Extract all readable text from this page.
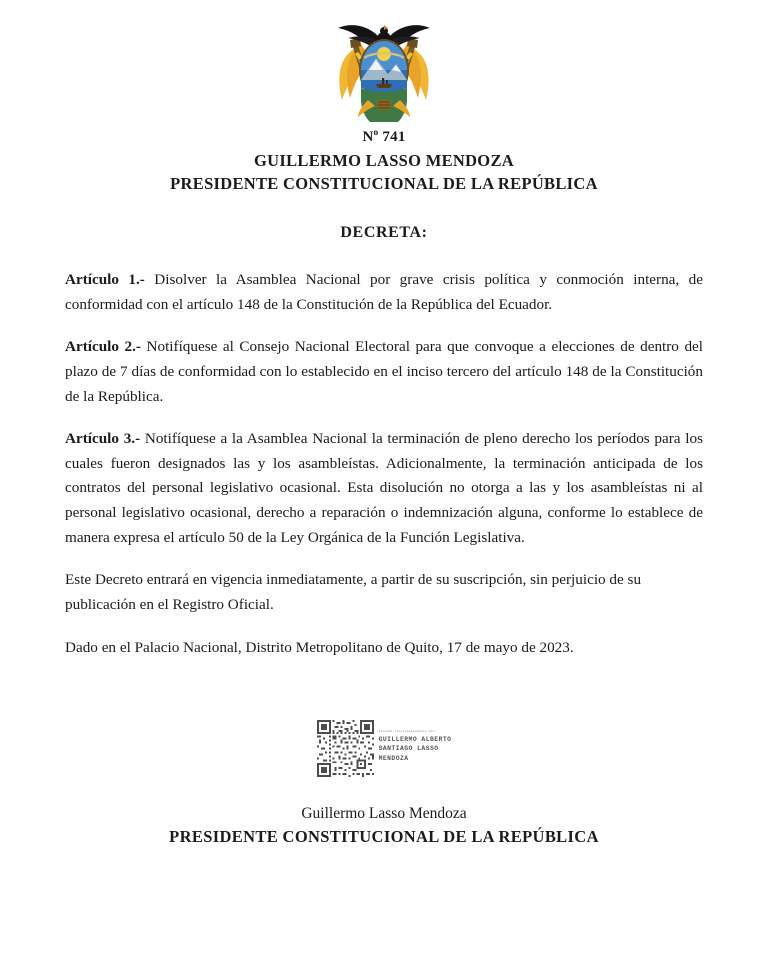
$N^o$ 741
GUILLERMO LASSO MENDOZA
PRESIDENTE CONSTITUCIONAL DE LA REPÚBLICA
DECRETA:

Artículo 1.- Disolver la Asamblea Nacional por grave crisis política y conmoción interna, de conformidad con el artículo 148 de la Constitución de la República del Ecuador.

Artículo 2.- Notifíquese al Consejo Nacional Electoral para que convoque a elecciones de dentro del plazo de 7 días de conformidad con lo establecido en el inciso tercero del artículo 148 de la Constitución de la República.

Artículo 3.- Notifíquese a la Asamblea Nacional la terminación de pleno derecho los períodos para los cuales fueron designados las y los asambleístas. Adicionalmente, la terminación anticipada de los contratos del personal legislativo ocasional. Esta disolución no otorga a las y los asambleístas ni al personal legislativo ocasional, derecho a reparación o indemnización alguna, conforme lo establece de manera expresa el artículo 50 de la Ley Orgánica de la Función Legislativa.

Este Decreto entrará en vigencia inmediatamente, a partir de su suscripción, sin perjuicio de su publicación en el Registro Oficial.

Dado en el Palacio Nacional, Distrito Metropolitano de Quito, 17 de mayo de 2023.

Firmado electrónicamente por:
GUILLERMO ALBERTO
SANTIAGO LASSO
MENDOZA
Guillermo Lasso Mendoza
PRESIDENTE CONSTITUCIONAL DE LA REPÚBLICA
